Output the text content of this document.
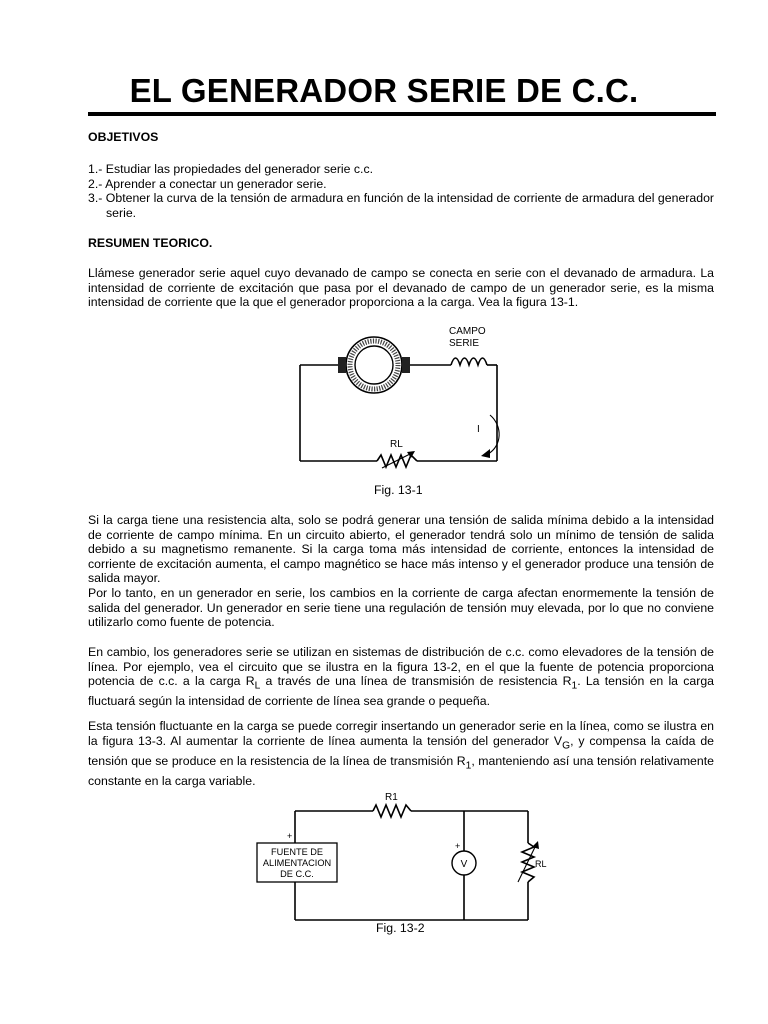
EL GENERADOR SERIE DE C.C.
OBJETIVOS
1.- Estudiar las propiedades del generador serie c.c.
2.- Aprender a conectar un generador serie.
3.- Obtener la curva de la tensión de armadura en función de la intensidad de corriente de armadura del generador serie.
RESUMEN TEORICO.
Llámese generador serie aquel cuyo devanado de campo se conecta en serie con el devanado de armadura. La intensidad de corriente de excitación que pasa por el devanado de campo de un generador serie, es la misma intensidad de corriente que la que el generador proporciona a la carga. Vea la figura 13-1.
CAMPO
SERIE
I
RL
Fig. 13-1
Si la carga tiene una resistencia alta, solo se podrá generar una tensión de salida mínima debido a la intensidad de corriente de campo mínima. En un circuito abierto, el generador tendrá solo un mínimo de tensión de salida debido a su magnetismo remanente. Si la carga toma más intensidad de corriente, entonces la intensidad de corriente de excitación aumenta, el campo magnético se hace más intenso y el generador produce una tensión de salida mayor.
Por lo tanto, en un generador en serie, los cambios en la corriente de carga afectan enormemente la tensión de salida del generador. Un generador en serie tiene una regulación de tensión muy elevada, por lo que no conviene utilizarlo como fuente de potencia.
En cambio, los generadores serie se utilizan en sistemas de distribución de c.c. como elevadores de la tensión de línea. Por ejemplo, vea el circuito que se ilustra en la figura 13-2, en el que la fuente de potencia proporciona potencia de c.c. a la carga $R_L$ a través de una línea de transmisión de resistencia $R_1$. La tensión en la carga fluctuará según la intensidad de corriente de línea sea grande o pequeña.
Esta tensión fluctuante en la carga se puede corregir insertando un generador serie en la línea, como se ilustra en la figura 13-3. Al aumentar la corriente de línea aumenta la tensión del generador $V_G$, y compensa la caída de tensión que se produce en la resistencia de la línea de transmisión $R_1$, manteniendo así una tensión relativamente constante en la carga variable.
R1
+
FUENTE DE
ALIMENTACION
DE C.C.
V
+
RL
Fig. 13-2
